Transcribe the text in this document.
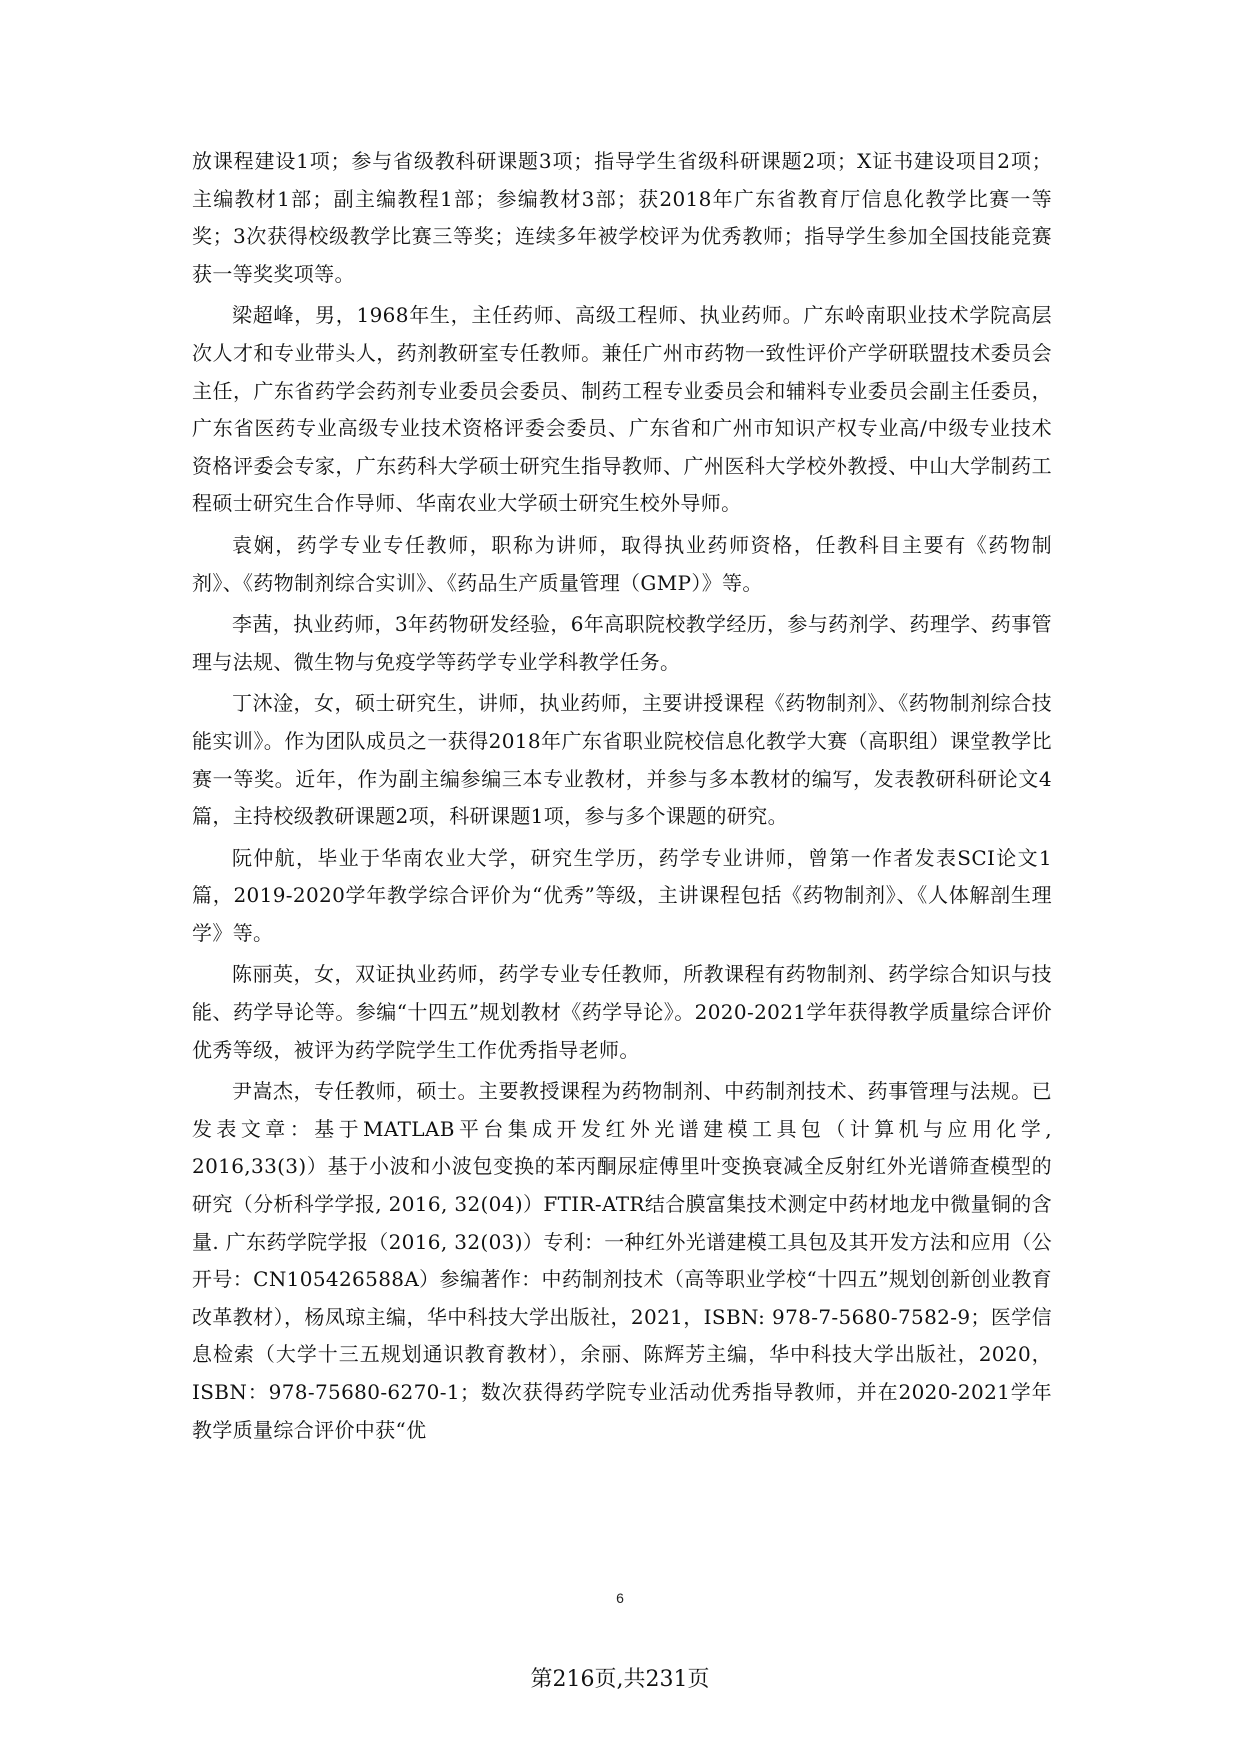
放课程建设1项；参与省级教科研课题3项；指导学生省级科研课题2项；X证书建设项目2项；主编教材1部；副主编教程1部；参编教材3部；获2018年广东省教育厅信息化教学比赛一等奖；3次获得校级教学比赛三等奖；连续多年被学校评为优秀教师；指导学生参加全国技能竞赛获一等奖奖项等。

梁超峰，男，1968年生，主任药师、高级工程师、执业药师。广东岭南职业技术学院高层次人才和专业带头人，药剂教研室专任教师。兼任广州市药物一致性评价产学研联盟技术委员会主任，广东省药学会药剂专业委员会委员、制药工程专业委员会和辅料专业委员会副主任委员，广东省医药专业高级专业技术资格评委会委员、广东省和广州市知识产权专业高/中级专业技术资格评委会专家，广东药科大学硕士研究生指导教师、广州医科大学校外教授、中山大学制药工程硕士研究生合作导师、华南农业大学硕士研究生校外导师。

袁娴，药学专业专任教师，职称为讲师，取得执业药师资格，任教科目主要有《药物制剂》、《药物制剂综合实训》、《药品生产质量管理（GMP）》等。

李茜，执业药师，3年药物研发经验，6年高职院校教学经历，参与药剂学、药理学、药事管理与法规、微生物与免疫学等药学专业学科教学任务。

丁沐淦，女，硕士研究生，讲师，执业药师，主要讲授课程《药物制剂》、《药物制剂综合技能实训》。作为团队成员之一获得2018年广东省职业院校信息化教学大赛（高职组）课堂教学比赛一等奖。近年，作为副主编参编三本专业教材，并参与多本教材的编写，发表教研科研论文4篇，主持校级教研课题2项，科研课题1项，参与多个课题的研究。

阮仲航，毕业于华南农业大学，研究生学历，药学专业讲师，曾第一作者发表SCI论文1篇，2019-2020学年教学综合评价为“优秀”等级，主讲课程包括《药物制剂》、《人体解剖生理学》等。

陈丽英，女，双证执业药师，药学专业专任教师，所教课程有药物制剂、药学综合知识与技能、药学导论等。参编“十四五”规划教材《药学导论》。2020-2021学年获得教学质量综合评价优秀等级，被评为药学院学生工作优秀指导老师。

尹嵩杰，专任教师，硕士。主要教授课程为药物制剂、中药制剂技术、药事管理与法规。已发表文章：基于MATLAB平台集成开发红外光谱建模工具包（计算机与应用化学, 2016,33(3)）基于小波和小波包变换的苯丙酮尿症傅里叶变换衰减全反射红外光谱筛查模型的研究（分析科学学报, 2016, 32(04)）FTIR-ATR结合膜富集技术测定中药材地龙中微量铜的含量. 广东药学院学报（2016, 32(03)）专利：一种红外光谱建模工具包及其开发方法和应用（公开号：CN105426588A）参编著作：中药制剂技术（高等职业学校“十四五”规划创新创业教育改革教材），杨凤琼主编，华中科技大学出版社，2021，ISBN: 978-7-5680-7582-9；医学信息检索（大学十三五规划通识教育教材），余丽、陈辉芳主编，华中科技大学出版社，2020，ISBN：978-75680-6270-1；数次获得药学院专业活动优秀指导教师，并在2020-2021学年教学质量综合评价中获“优

6
第216页,共231页
